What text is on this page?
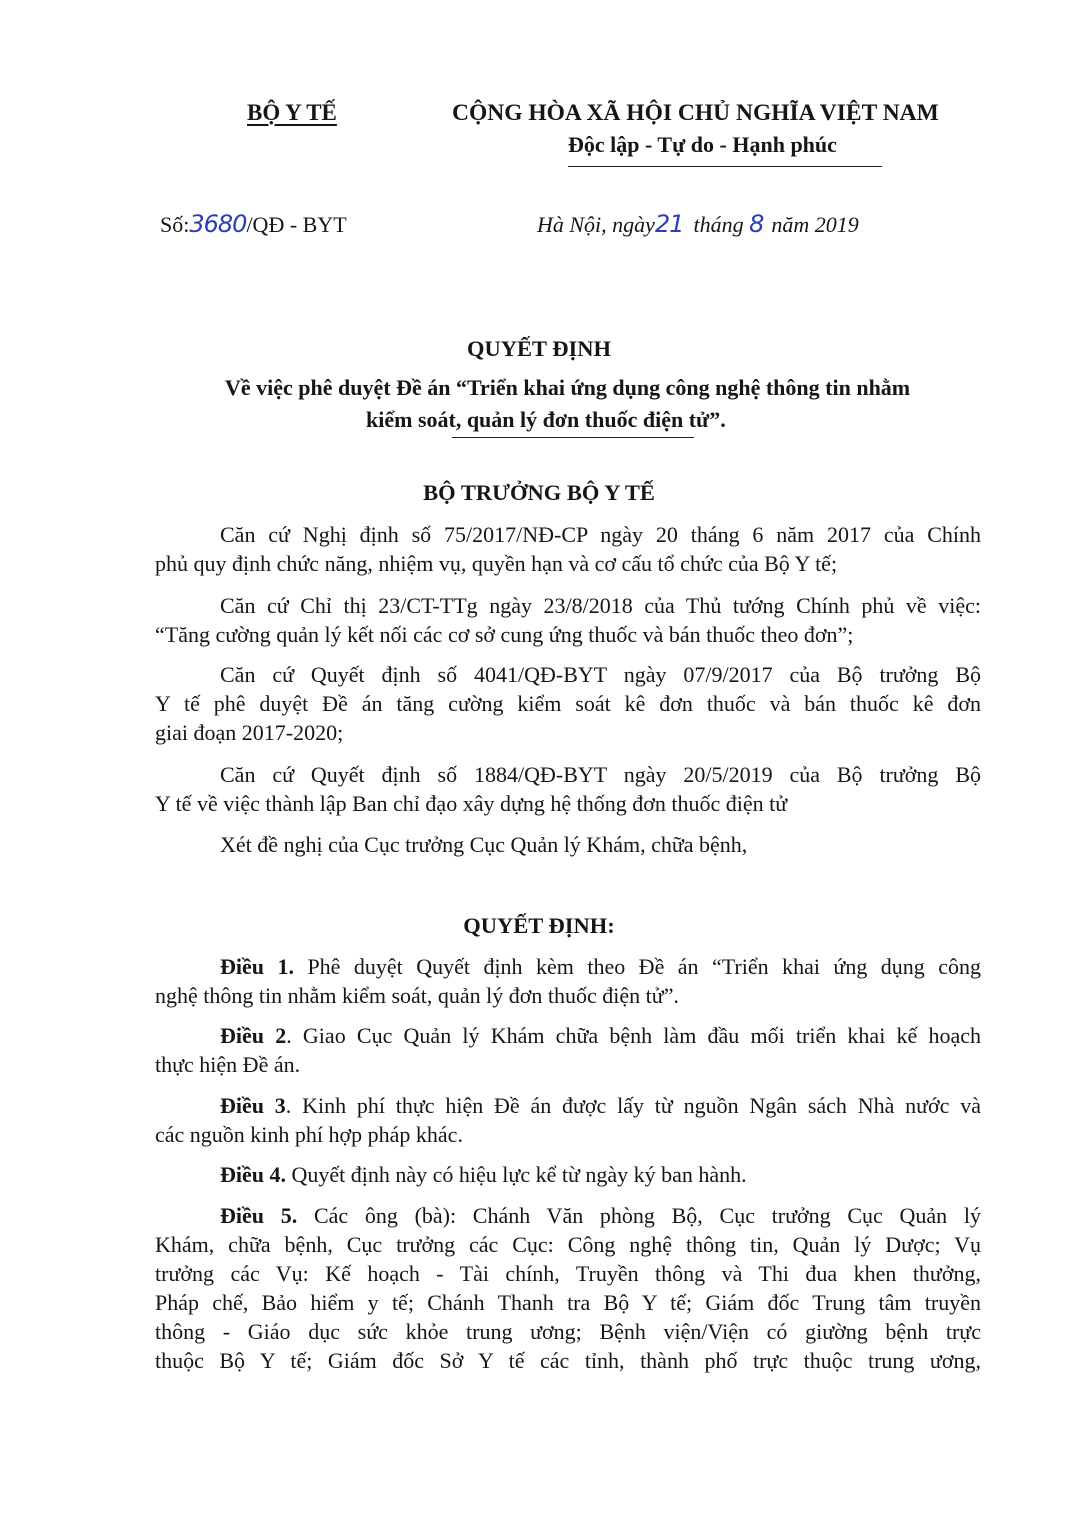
BỘ Y TẾ	CỘNG HÒA XÃ HỘI CHỦ NGHĨA VIỆT NAM
Độc lập - Tự do - Hạnh phúc
Số:3680/QĐ - BYT	Hà Nội, ngày21 tháng 8 năm 2019
QUYẾT ĐỊNH
Về việc phê duyệt Đề án “Triển khai ứng dụng công nghệ thông tin nhằm
kiểm soát, quản lý đơn thuốc điện tử”.
BỘ TRƯỞNG BỘ Y TẾ
Căn cứ Nghị định số 75/2017/NĐ-CP ngày 20 tháng 6 năm 2017 của Chính
phủ quy định chức năng, nhiệm vụ, quyền hạn và cơ cấu tổ chức của Bộ Y tế;
Căn cứ Chỉ thị 23/CT-TTg ngày 23/8/2018 của Thủ tướng Chính phủ về việc:
“Tăng cường quản lý kết nối các cơ sở cung ứng thuốc và bán thuốc theo đơn”;
Căn cứ Quyết định số 4041/QĐ-BYT ngày 07/9/2017 của Bộ trưởng Bộ
Y tế phê duyệt Đề án tăng cường kiểm soát kê đơn thuốc và bán thuốc kê đơn
giai đoạn 2017-2020;
Căn cứ Quyết định số 1884/QĐ-BYT ngày 20/5/2019 của Bộ trưởng Bộ
Y tế về việc thành lập Ban chỉ đạo xây dựng hệ thống đơn thuốc điện tử
Xét đề nghị của Cục trưởng Cục Quản lý Khám, chữa bệnh,
QUYẾT ĐỊNH:
Điều 1. Phê duyệt Quyết định kèm theo Đề án “Triển khai ứng dụng công
nghệ thông tin nhằm kiểm soát, quản lý đơn thuốc điện tử”.
Điều 2. Giao Cục Quản lý Khám chữa bệnh làm đầu mối triển khai kế hoạch
thực hiện Đề án.
Điều 3. Kinh phí thực hiện Đề án được lấy từ nguồn Ngân sách Nhà nước và
các nguồn kinh phí hợp pháp khác.
Điều 4. Quyết định này có hiệu lực kể từ ngày ký ban hành.
Điều 5. Các ông (bà): Chánh Văn phòng Bộ, Cục trưởng Cục Quản lý
Khám, chữa bệnh, Cục trưởng các Cục: Công nghệ thông tin, Quản lý Dược; Vụ
trưởng các Vụ: Kế hoạch - Tài chính, Truyền thông và Thi đua khen thưởng,
Pháp chế, Bảo hiểm y tế; Chánh Thanh tra Bộ Y tế; Giám đốc Trung tâm truyền
thông - Giáo dục sức khỏe trung ương; Bệnh viện/Viện có giường bệnh trực
thuộc Bộ Y tế; Giám đốc Sở Y tế các tỉnh, thành phố trực thuộc trung ương,
